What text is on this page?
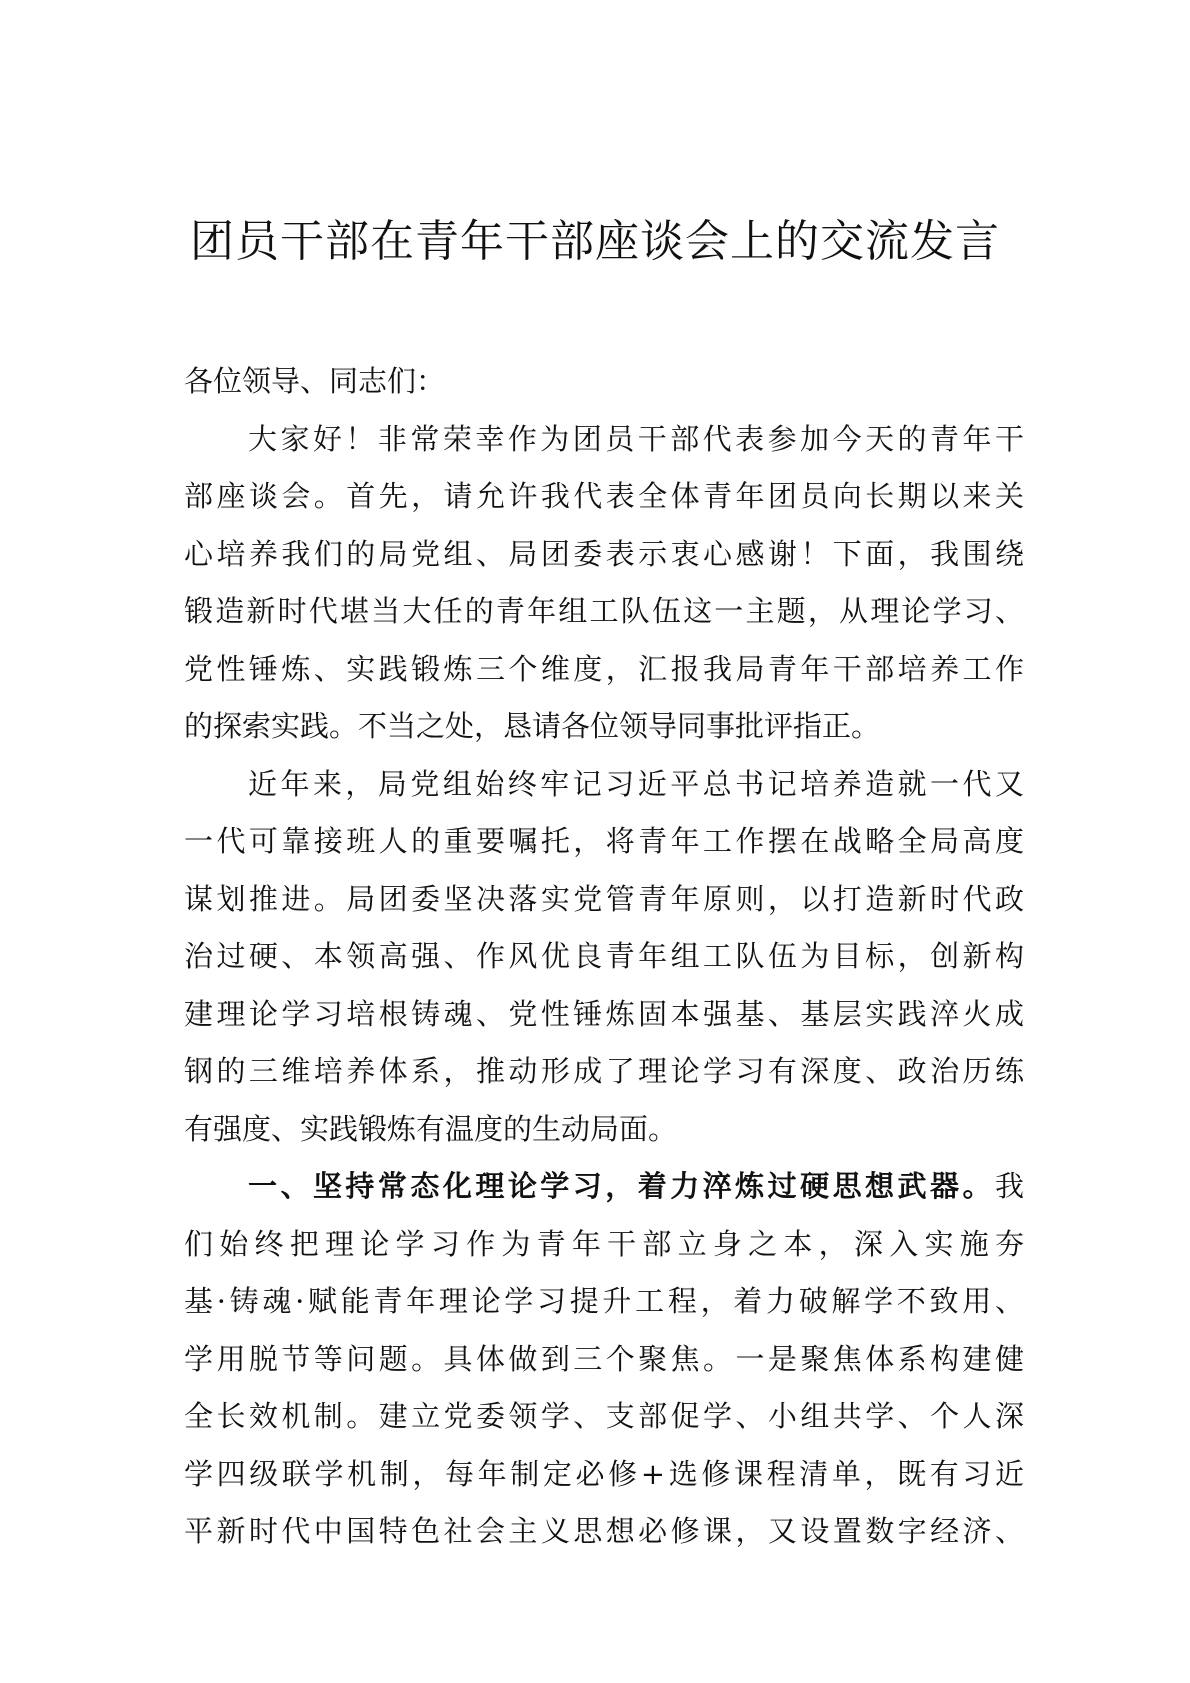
团员干部在青年干部座谈会上的交流发言
各位领导、同志们：
大家好！非常荣幸作为团员干部代表参加今天的青年干
部座谈会。首先，请允许我代表全体青年团员向长期以来关
心培养我们的局党组、局团委表示衷心感谢！下面，我围绕
锻造新时代堪当大任的青年组工队伍这一主题，从理论学习、
党性锤炼、实践锻炼三个维度，汇报我局青年干部培养工作
的探索实践。不当之处，恳请各位领导同事批评指正。
近年来，局党组始终牢记习近平总书记培养造就一代又
一代可靠接班人的重要嘱托，将青年工作摆在战略全局高度
谋划推进。局团委坚决落实党管青年原则，以打造新时代政
治过硬、本领高强、作风优良青年组工队伍为目标，创新构
建理论学习培根铸魂、党性锤炼固本强基、基层实践淬火成
钢的三维培养体系，推动形成了理论学习有深度、政治历练
有强度、实践锻炼有温度的生动局面。
一、坚持常态化理论学习，着力淬炼过硬思想武器。我
们始终把理论学习作为青年干部立身之本，深入实施夯
基·铸魂·赋能青年理论学习提升工程，着力破解学不致用、
学用脱节等问题。具体做到三个聚焦。一是聚焦体系构建健
全长效机制。建立党委领学、支部促学、小组共学、个人深
学四级联学机制，每年制定必修+选修课程清单，既有习近
平新时代中国特色社会主义思想必修课，又设置数字经济、
